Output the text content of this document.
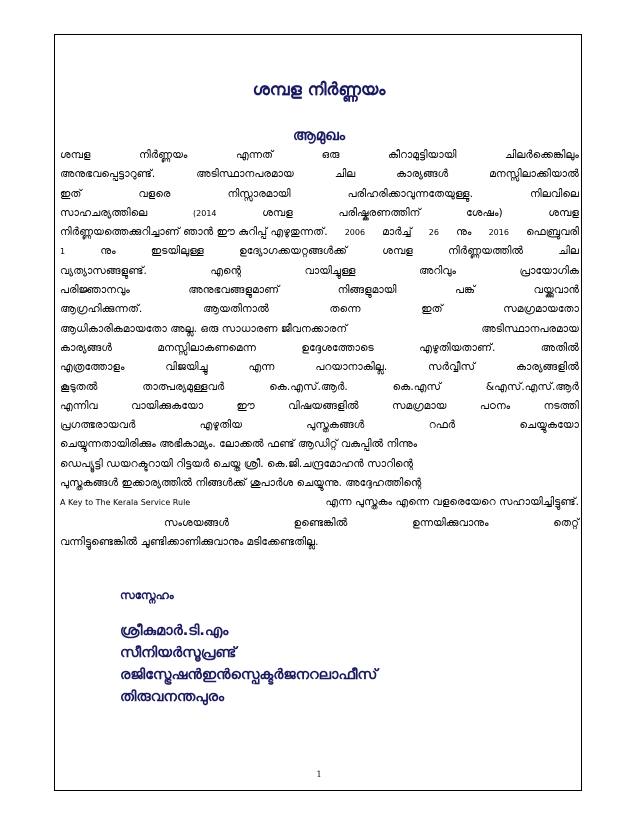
ശമ്പള നിർണ്ണയം
ആമുഖം
ശമ്പള	നിർണ്ണയം	എന്നത്	ഒരു	കീറാമുട്ടിയായി	ചിലർക്കെങ്കിലും
അനുഭവപ്പെട്ടാറുണ്ട്.	അടിസ്ഥാനപരമായ	ചില	കാര്യങ്ങൾ	മനസ്സിലാക്കിയാൽ
ഇത്	വളരെ	നിസ്സാരമായി	പരിഹരിക്കാവുന്നതേയുള്ളു.	നിലവിലെ
സാഹചര്യത്തിലെ	(2014	ശമ്പള	പരിഷ്കരണത്തിന്	ശേഷം)	ശമ്പള
നിർണ്ണയത്തെക്കുറിച്ചാണ് ഞാൻ ഈ കുറിപ്പ് എഴുതുന്നത്. 2006 മാർച്ച് 26 നും 2016 ഫെബ്രുവരി
1	നും	ഇടയിലുള്ള	ഉദ്യോഗക്കയറ്റങ്ങൾക്ക്	ശമ്പള	നിർണ്ണയത്തിൽ	ചില
വ്യത്യാസങ്ങളുണ്ട്.	എന്റെ	വായിച്ചുള്ള	അറിവും	പ്രായോഗിക
പരിജ്ഞാനവും	അനുഭവങ്ങളുമാണ്	നിങ്ങളുമായി	പങ്ക്	വയ്ക്കുവാൻ
ആഗ്രഹിക്കുന്നത്.	ആയതിനാൽ	തന്നെ	ഇത്	സമഗ്രമായതോ
ആധികാരികമായതോ അല്ല. ഒരു സാധാരണ ജീവനക്കാരന്	അടിസ്ഥാനപരമായ
കാര്യങ്ങൾ	മനസ്സിലാകണമെന്ന	ഉദ്ദേശത്തോടെ	എഴുതിയതാണ്.	അതിൽ
എത്രത്തോളം	വിജയിച്ചു	എന്ന	പറയാനാകില്ല.	സർവ്വീസ്	കാര്യങ്ങളിൽ
കൂടുതൽ	താത്പര്യമുള്ളവർ	കെ.എസ്.ആർ.	കെ.എസ്	&എസ്.എസ്.ആർ
എന്നിവ	വായിക്കുകയോ	ഈ	വിഷയങ്ങളിൽ	സമഗ്രമായ	പഠനം	നടത്തി
പ്രഗത്ഭരായവർ	എഴുതിയ	പുസ്തകങ്ങൾ	റഫർ	ചെയ്യുകയോ
ചെയ്യുന്നതായിരിക്കും അഭികാമ്യം. ലോക്കൽ ഫണ്ട് ആഡിറ്റ് വകുപ്പിൽ നിന്നും
ഡെപ്യൂട്ടി ഡയറക്ടറായി റിട്ടയർ ചെയ്ത ശ്രീ. കെ.ജി.ചന്ദ്രമോഹൻ സാറിന്റെ
പുസ്തകങ്ങൾ ഇക്കാര്യത്തിൽ നിങ്ങൾക്ക് ശുപാർശ ചെയ്യുന്നു. അദ്ദേഹത്തിന്റെ
A Key to The Kerala Service Rule	എന്ന പുസ്തകം എന്നെ വളരെയേറെ സഹായിച്ചിട്ടുണ്ട്.
സംശയങ്ങൾ	ഉണ്ടെങ്കിൽ	ഉന്നയിക്കുവാനും	തെറ്റ്
വന്നിട്ടുണ്ടെങ്കിൽ ചൂണ്ടിക്കാണിക്കുവാനും മടിക്കേണ്ടതില്ല.
സസ്നേഹം
ശ്രീകുമാർ.ടി.എം
സീനിയർസൂപ്രണ്ട്
രജിസ്ട്രേഷൻഇൻസ്പെക്ടർജനറലാഫീസ്
തിരുവനന്തപുരം
1
